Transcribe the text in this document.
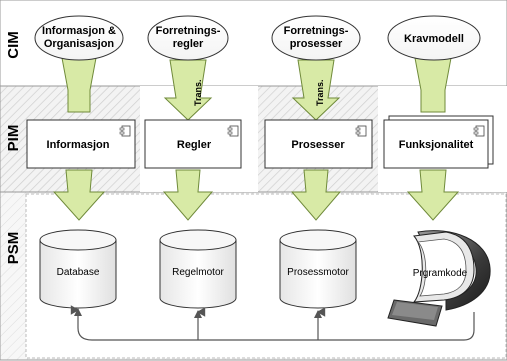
CIM
PIM
PSM
Informasjon &
Organisasjon
Forretnings-
regler
Forretnings-
prosesser	Kravmodell
Trans.	Trans.
Informasjon	Regler	Prosesser	Funksjonalitet
Database	Regelmotor	Prosessmotor	Prgramkode
